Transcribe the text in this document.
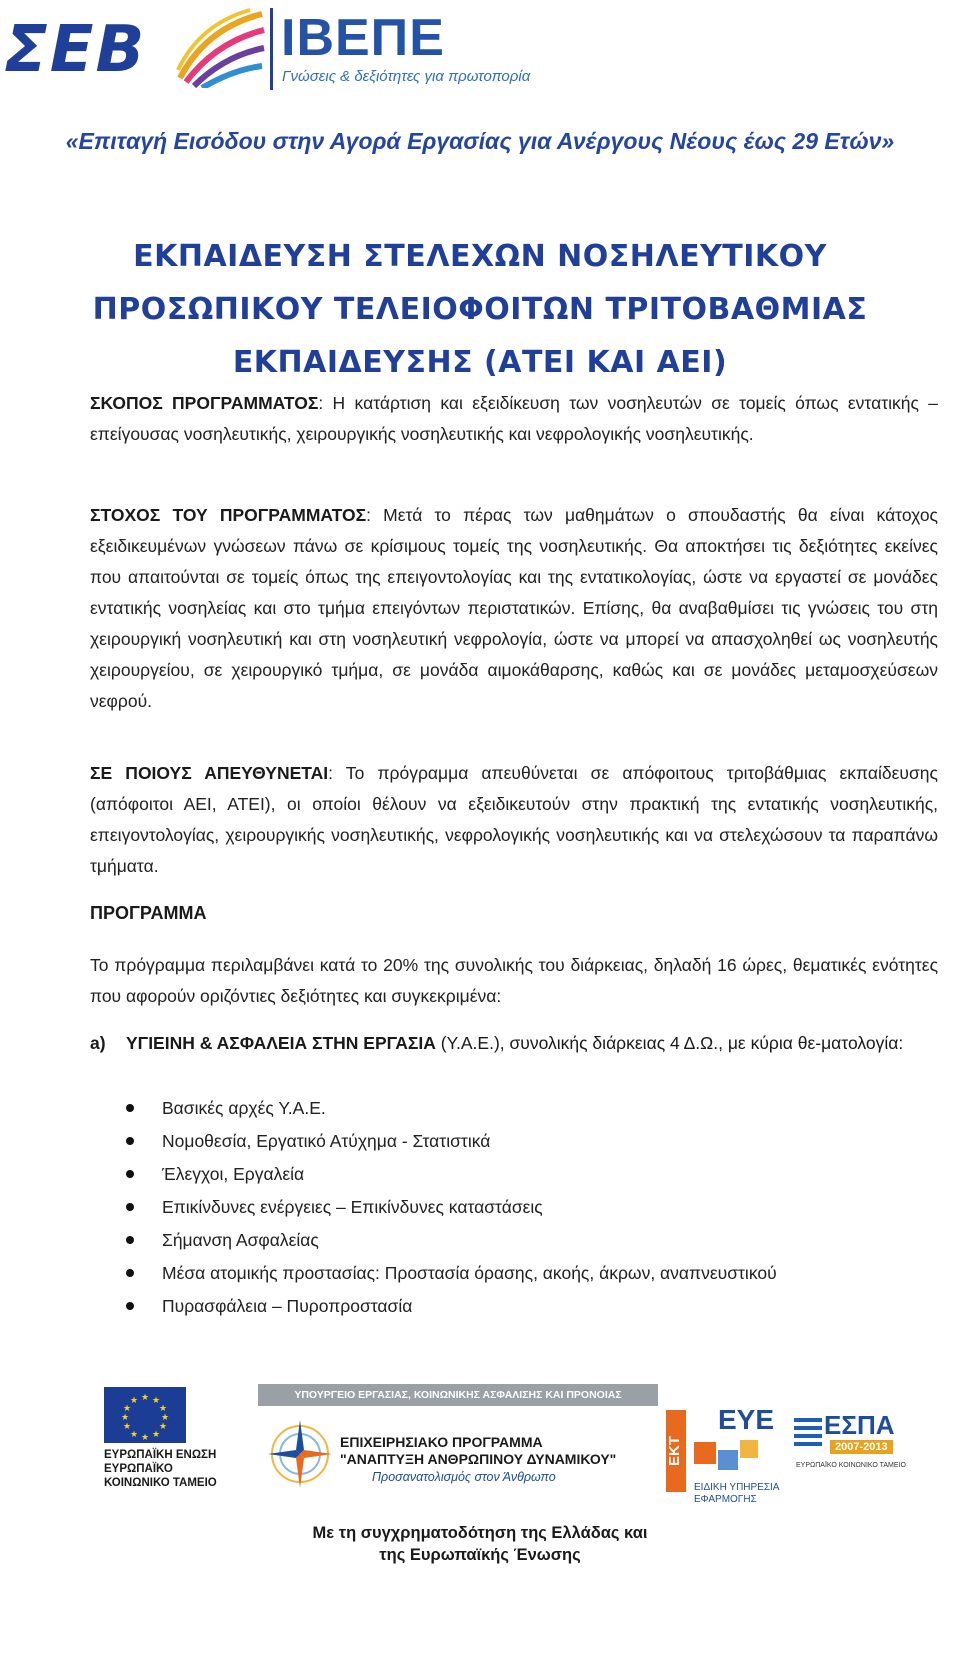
ΣΕΒ	ΙΒΕΠΕ
Γνώσεις & δεξιότητες για πρωτοπορία
«Επιταγή Εισόδου στην Αγορά Εργασίας για Ανέργους Νέους έως 29 Ετών»
ΕΚΠΑΙΔΕΥΣΗ ΣΤΕΛΕΧΩΝ ΝΟΣΗΛΕΥΤΙΚΟΥ
ΠΡΟΣΩΠΙΚΟΥ ΤΕΛΕΙΟΦΟΙΤΩΝ ΤΡΙΤΟΒΑΘΜΙΑΣ
ΕΚΠΑΙΔΕΥΣΗΣ (ΑΤΕΙ ΚΑΙ ΑΕΙ)
ΣΚΟΠΟΣ ΠΡΟΓΡΑΜΜΑΤΟΣ: Η κατάρτιση και εξειδίκευση των νοσηλευτών σε τομείς όπως εντατικής – επείγουσας νοσηλευτικής, χειρουργικής νοσηλευτικής και νεφρολογικής νοσηλευτικής.
ΣΤΟΧΟΣ ΤΟΥ ΠΡΟΓΡΑΜΜΑΤΟΣ: Μετά το πέρας των μαθημάτων ο σπουδαστής θα είναι κάτοχος εξειδικευμένων γνώσεων πάνω σε κρίσιμους τομείς της νοσηλευτικής. Θα αποκτήσει τις δεξιότητες εκείνες που απαιτούνται σε τομείς όπως της επειγοντολογίας και της εντατικολογίας, ώστε να εργαστεί σε μονάδες εντατικής νοσηλείας και στο τμήμα επειγόντων περιστατικών. Επίσης, θα αναβαθμίσει τις γνώσεις του στη χειρουργική νοσηλευτική και στη νοσηλευτική νεφρολογία, ώστε να μπορεί να απασχοληθεί ως νοσηλευτής χειρουργείου, σε χειρουργικό τμήμα, σε μονάδα αιμοκάθαρσης, καθώς και σε μονάδες μεταμοσχεύσεων νεφρού.
ΣΕ ΠΟΙΟΥΣ ΑΠΕΥΘΥΝΕΤΑΙ: Το πρόγραμμα απευθύνεται σε απόφοιτους τριτοβάθμιας εκπαίδευσης (απόφοιτοι ΑΕΙ, ΑΤΕΙ), οι οποίοι θέλουν να εξειδικευτούν στην πρακτική της εντατικής νοσηλευτικής, επειγοντολογίας, χειρουργικής νοσηλευτικής, νεφρολογικής νοσηλευτικής και να στελεχώσουν τα παραπάνω τμήματα.
ΠΡΟΓΡΑΜΜΑ
Το πρόγραμμα περιλαμβάνει κατά το 20% της συνολικής του διάρκειας, δηλαδή 16 ώρες, θεματικές ενότητες που αφορούν οριζόντιες δεξιότητες και συγκεκριμένα:
a) ΥΓΙΕΙΝΗ & ΑΣΦΑΛΕΙΑ ΣΤΗΝ ΕΡΓΑΣΙΑ (Υ.Α.Ε.), συνολικής διάρκειας 4 Δ.Ω., με κύρια θε-ματολογία:
Βασικές αρχές Υ.Α.Ε.
Νομοθεσία, Εργατικό Ατύχημα - Στατιστικά
Έλεγχοι, Εργαλεία
Επικίνδυνες ενέργειες – Επικίνδυνες καταστάσεις
Σήμανση Ασφαλείας
Μέσα ατομικής προστασίας: Προστασία όρασης, ακοής, άκρων, αναπνευστικού
Πυρασφάλεια – Πυροπροστασία
★ ★
★
★
★
★
★
★
★
★
★
★
ΕΥΡΩΠΑΪΚΗ ΕΝΩΣΗ
ΕΥΡΩΠΑΪΚΟ
ΚΟΙΝΩΝΙΚΟ ΤΑΜΕΙΟ
ΥΠΟΥΡΓΕΙΟ ΕΡΓΑΣΙΑΣ, ΚΟΙΝΩΝΙΚΗΣ ΑΣΦΑΛΙΣΗΣ ΚΑΙ ΠΡΟΝΟΙΑΣ
ΕΠΙΧΕΙΡΗΣΙΑΚΟ ΠΡΟΓΡΑΜΜΑ
"ΑΝΑΠΤΥΞΗ ΑΝΘΡΩΠΙΝΟΥ ΔΥΝΑΜΙΚΟΥ"
Προσανατολισμός στον Άνθρωπο
ΕΚΤ
ΕΥΕ
ΕΙΔΙΚΗ ΥΠΗΡΕΣΙΑ
ΕΦΑΡΜΟΓΗΣ
ΕΣΠΑ
2007-2013
ΕΥΡΩΠΑΪΚΟ ΚΟΙΝΩΝΙΚΟ ΤΑΜΕΙΟ
Με τη συγχρηματοδότηση της Ελλάδας και
της Ευρωπαϊκής Ένωσης
